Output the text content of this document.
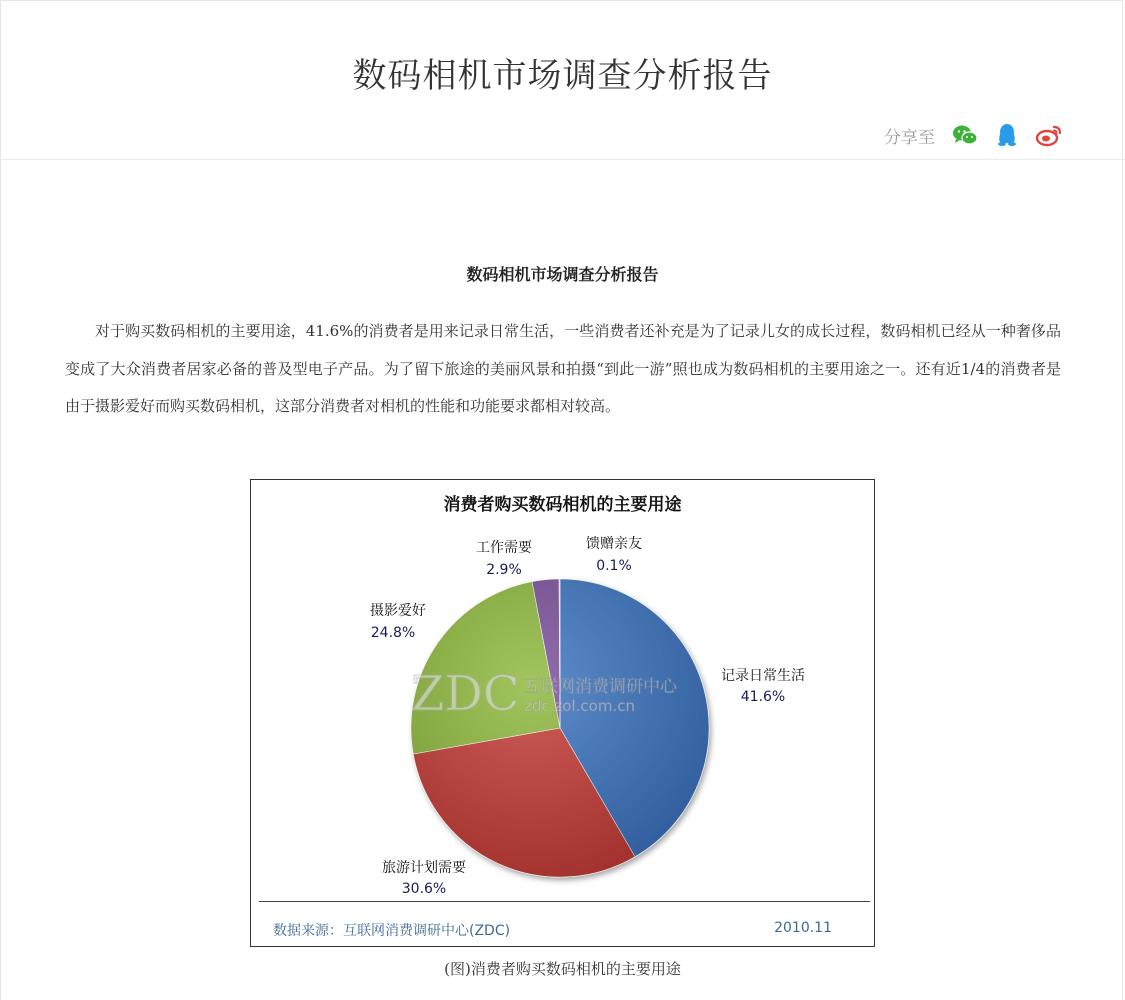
数码相机市场调查分析报告
分享至
数码相机市场调查分析报告

对于购买数码相机的主要用途，41.6%的消费者是用来记录日常生活，一些消费者还补充是为了记录儿女的成长过程，数码相机已经从一种奢侈品变成了大众消费者居家必备的普及型电子产品。为了留下旅途的美丽风景和拍摄“到此一游”照也成为数码相机的主要用途之一。还有近1/4的消费者是由于摄影爱好而购买数码相机，这部分消费者对相机的性能和功能要求都相对较高。

消费者购买数码相机的主要用途
ZDC 互联网消费调研中心
zdc.zol.com.cn
记录日常生活
41.6%
旅游计划需要
30.6%
摄影爱好
24.8%
工作需要
2.9%
馈赠亲友
0.1%
数据来源：互联网消费调研中心(ZDC)	2010.11
(图)消费者购买数码相机的主要用途
